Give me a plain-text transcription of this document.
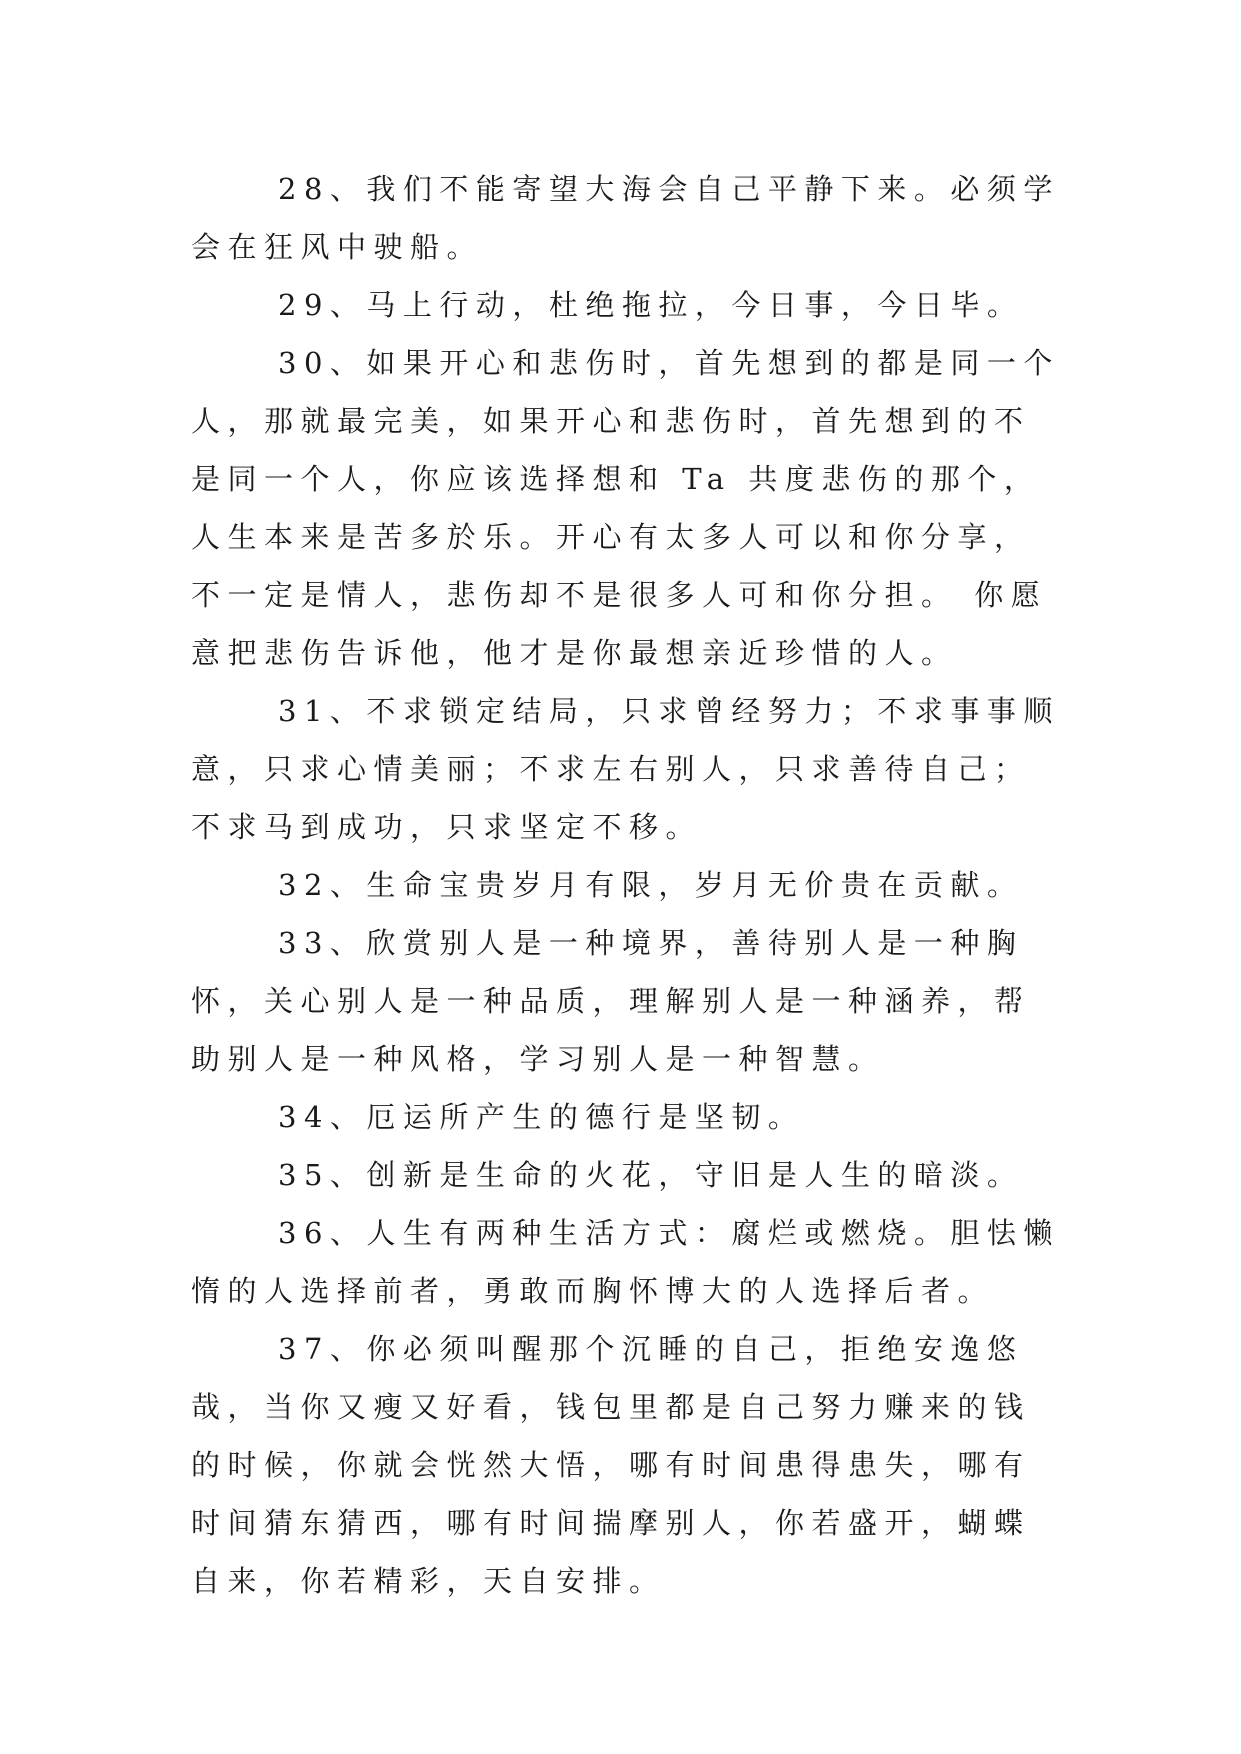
28、我们不能寄望大海会自己平静下来。必须学会在狂风中驶船。

29、马上行动，杜绝拖拉，今日事，今日毕。

30、如果开心和悲伤时，首先想到的都是同一个人，那就最完美，如果开心和悲伤时，首先想到的不是同一个人，你应该选择想和 Ta 共度悲伤的那个，人生本来是苦多於乐。开心有太多人可以和你分享，不一定是情人，悲伤却不是很多人可和你分担。 你愿意把悲伤告诉他，他才是你最想亲近珍惜的人。

31、不求锁定结局，只求曾经努力；不求事事顺意，只求心情美丽；不求左右别人，只求善待自己；不求马到成功，只求坚定不移。

32、生命宝贵岁月有限，岁月无价贵在贡献。

33、欣赏别人是一种境界，善待别人是一种胸怀，关心别人是一种品质，理解别人是一种涵养，帮助别人是一种风格，学习别人是一种智慧。

34、厄运所产生的德行是坚韧。

35、创新是生命的火花，守旧是人生的暗淡。

36、人生有两种生活方式：腐烂或燃烧。胆怯懒惰的人选择前者，勇敢而胸怀博大的人选择后者。

37、你必须叫醒那个沉睡的自己，拒绝安逸悠哉，当你又瘦又好看，钱包里都是自己努力赚来的钱的时候，你就会恍然大悟，哪有时间患得患失，哪有时间猜东猜西，哪有时间揣摩别人，你若盛开，蝴蝶自来，你若精彩，天自安排。
